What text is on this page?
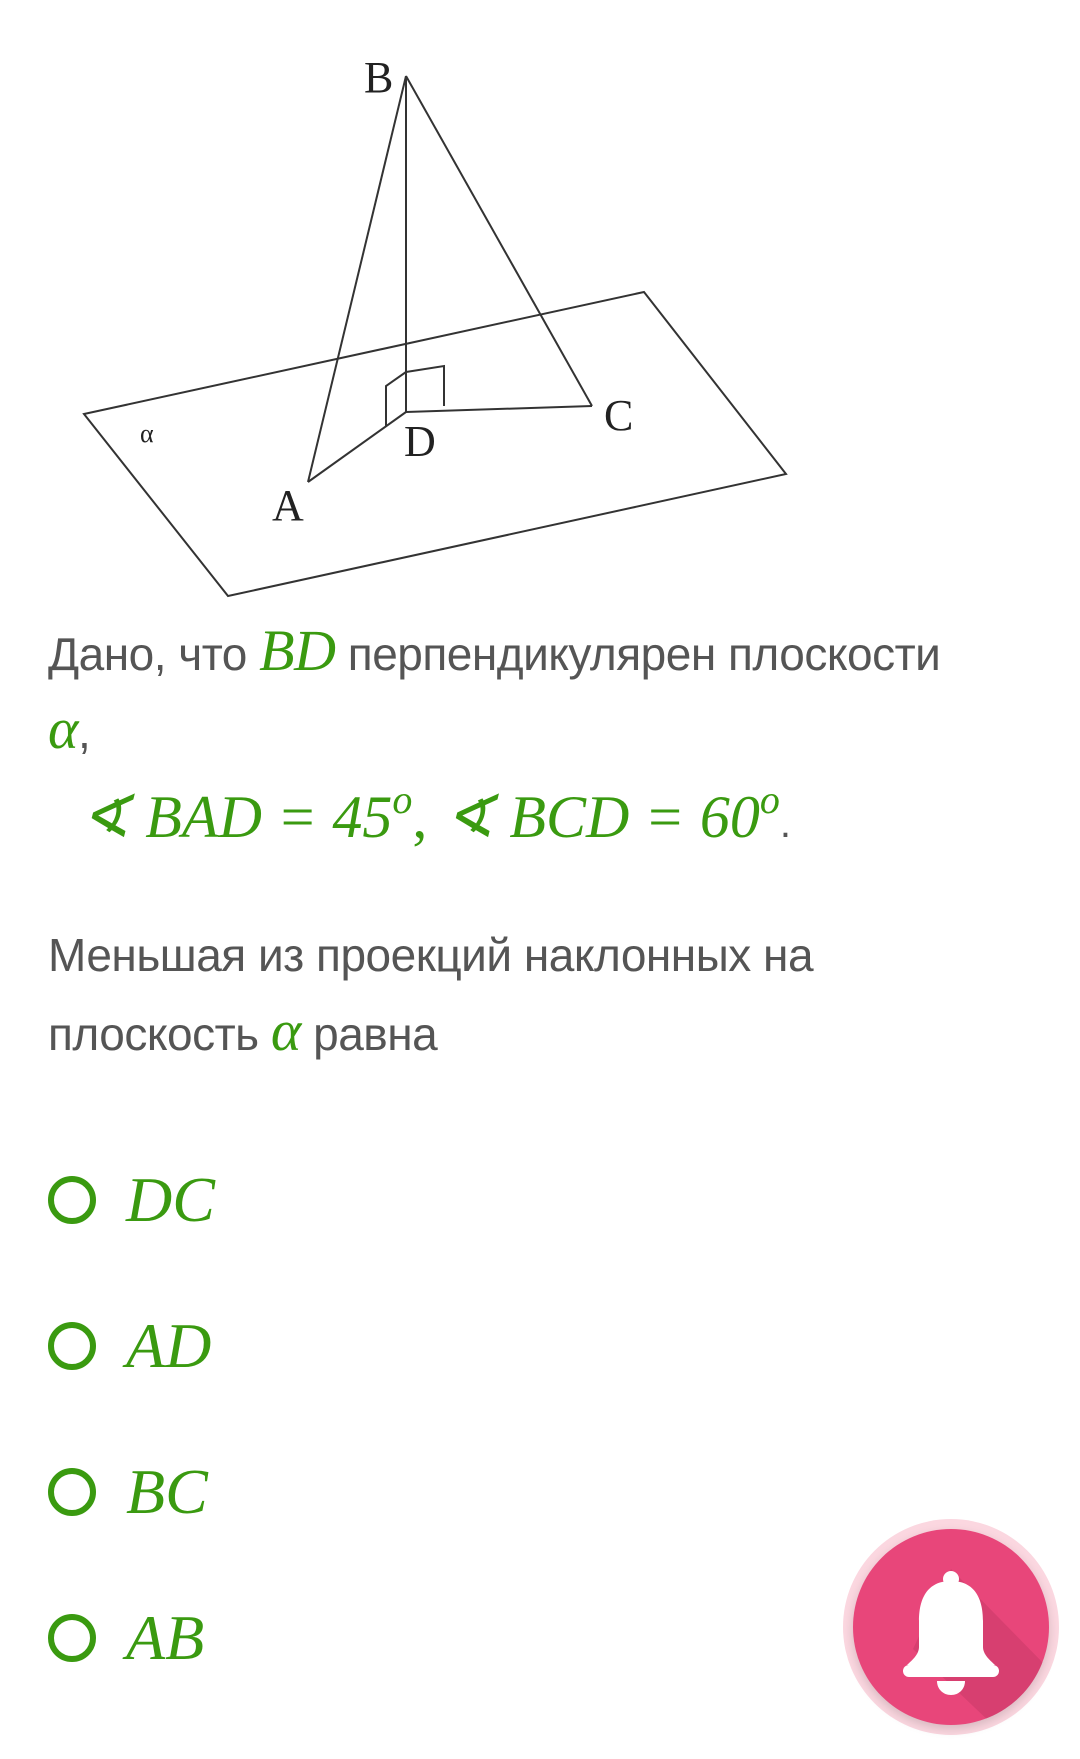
B
C
D
A
α
Дано, что BD перпендикулярен плоскости
α,
∢ BAD = $45^o$, ∢ BCD = $60^o$.
Меньшая из проекций наклонных на
плоскость α равна
DC
AD
BC
AB
